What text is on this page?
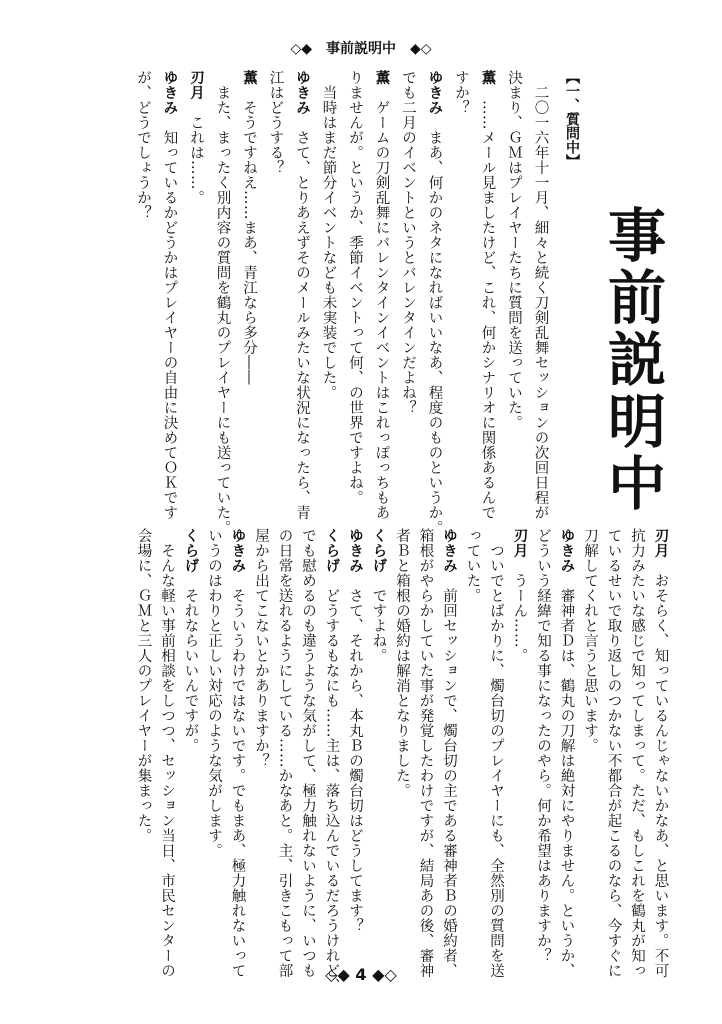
◇◆　事前説明中　◆◇
事前説明中
【一、質問中】
　二〇一六年十一月、細々と続く刀剣乱舞セッションの次回日程が
決まり、ＧＭはプレイヤーたちに質問を送っていた。
薫　……メール見ましたけど、これ、何かシナリオに関係あるんで
すか？
ゆきみ　まあ、何かのネタになればいいなあ、程度のものというか。
でも二月のイベントというとバレンタインだよね？
薫　ゲームの刀剣乱舞にバレンタインイベントはこれっぽっちもあ
りませんが。というか、季節イベントって何、の世界ですよね。
　当時はまだ節分イベントなども未実装でした。
ゆきみ　さて、とりあえずそのメールみたいな状況になったら、青
江はどうする？
薫　そうですねえ……まあ、青江なら多分――
　また、まったく別内容の質問を鶴丸のプレイヤーにも送っていた。
刃月　これは……。
ゆきみ　知っているかどうかはプレイヤーの自由に決めてＯＫです
が、どうでしょうか？
刃月　おそらく、知っているんじゃないかなあ、と思います。不可
抗力みたいな感じで知ってしまって。ただ、もしこれを鶴丸が知っ
ているせいで取り返しのつかない不都合が起こるのなら、今すぐに
刀解してくれと言うと思います。
ゆきみ　審神者Ｄは、鶴丸の刀解は絶対にやりません。というか、
どういう経緯で知る事になったのやら。何か希望はありますか？
刃月　うーん……。
　ついでとばかりに、燭台切のプレイヤーにも、全然別の質問を送
っていた。
ゆきみ　前回セッションで、燭台切の主である審神者Ｂの婚約者、
箱根がやらかしていた事が発覚したわけですが、結局あの後、審神
者Ｂと箱根の婚約は解消となりました。
くらげ　ですよね。
ゆきみ　さて、それから、本丸Ｂの燭台切はどうしてます？
くらげ　どうするもなにも……主は、落ち込んでいるだろうけれど、
でも慰めるのも違うような気がして、極力触れないように、いつも
の日常を送れるようにしている……かなあと。主、引きこもって部
屋から出てこないとかありますか？
ゆきみ　そういうわけではないです。でもまあ、極力触れないって
いうのはわりと正しい対応のような気がします。
くらげ　それならいいんですが。
　そんな軽い事前相談をしつつ、セッション当日、市民センターの
会場に、ＧＭと三人のプレイヤーが集まった。
◇◆ 4 ◆◇
